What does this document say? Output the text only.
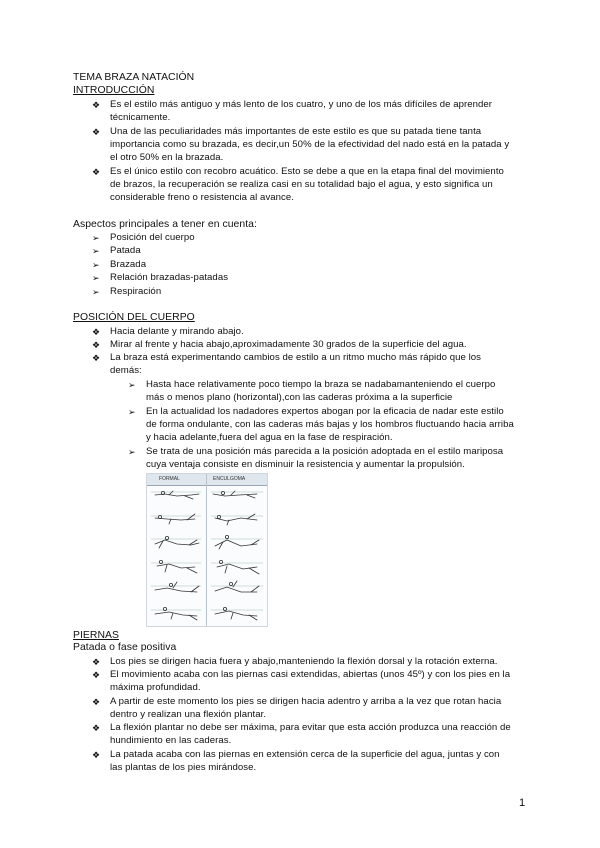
TEMA BRAZA NATACIÓN
INTRODUCCIÓN
❖ Es el estilo más antiguo y más lento de los cuatro, y uno de los más difíciles de aprender
técnicamente.
❖ Una de las peculiaridades más importantes de este estilo es que su patada tiene tanta
importancia como su brazada, es decir,un 50% de la efectividad del nado está en la patada y
el otro 50% en la brazada.
❖ Es el único estilo con recobro acuático. Esto se debe a que en la etapa final del movimiento
de brazos, la recuperación se realiza casi en su totalidad bajo el agua, y esto significa un
considerable freno o resistencia al avance.
Aspectos principales a tener en cuenta:
➢ Posición del cuerpo
➢ Patada
➢ Brazada
➢ Relación brazadas-patadas
➢ Respiración
POSICIÓN DEL CUERPO
❖ Hacia delante y mirando abajo.
❖ Mirar al frente y hacia abajo,aproximadamente 30 grados de la superficie del agua.
❖ La braza está experimentando cambios de estilo a un ritmo mucho más rápido que los
demás:
➢ Hasta hace relativamente poco tiempo la braza se nadabamanteniendo el cuerpo
más o menos plano (horizontal),con las caderas próxima a la superficie
➢ En la actualidad los nadadores expertos abogan por la eficacia de nadar este estilo
de forma ondulante, con las caderas más bajas y los hombros fluctuando hacia arriba
y hacia adelante,fuera del agua en la fase de respiración.
➢ Se trata de una posición más parecida a la posición adoptada en el estilo mariposa
cuya ventaja consiste en disminuir la resistencia y aumentar la propulsión.
FORMAL	ENCULGOMA
PIERNAS
Patada o fase positiva
❖ Los pies se dirigen hacia fuera y abajo,manteniendo la flexión dorsal y la rotación externa.
❖ El movimiento acaba con las piernas casi extendidas, abiertas (unos 45º) y con los pies en la
máxima profundidad.
❖ A partir de este momento los pies se dirigen hacia adentro y arriba a la vez que rotan hacia
dentro y realizan una flexión plantar.
❖ La flexión plantar no debe ser máxima, para evitar que esta acción produzca una reacción de
hundimiento en las caderas.
❖ La patada acaba con las piernas en extensión cerca de la superficie del agua, juntas y con
las plantas de los pies mirándose.
1
